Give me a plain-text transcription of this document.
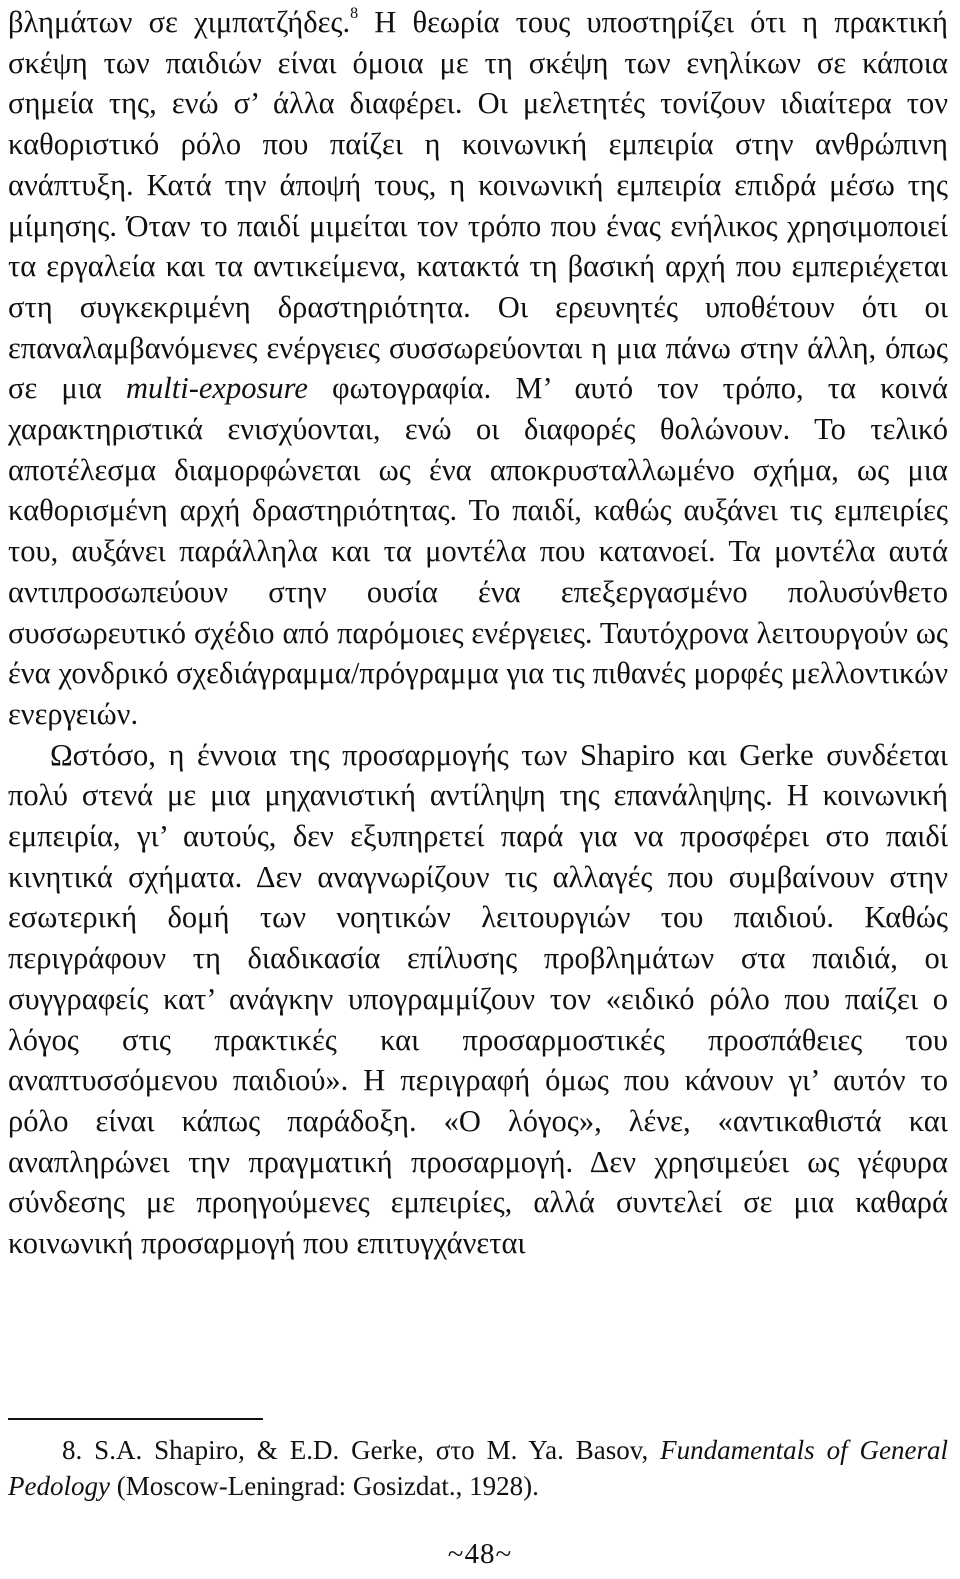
βλημάτων σε χιμπατζήδες.$^8$ Η θεωρία τους υποστηρίζει ότι η πρακτική σκέψη των παιδιών είναι όμοια με τη σκέψη των ενηλίκων σε κάποια σημεία της, ενώ σ’ άλλα διαφέρει. Οι μελετητές τονίζουν ιδιαίτερα τον καθοριστικό ρόλο που παίζει η κοινωνική εμπειρία στην ανθρώπινη ανάπτυξη. Κατά την άποψή τους, η κοινωνική εμπειρία επιδρά μέσω της μίμησης. Όταν το παιδί μιμείται τον τρόπο που ένας ενήλικος χρησιμοποιεί τα εργαλεία και τα αντικείμενα, κατακτά τη βασική αρχή που εμπεριέχεται στη συγκεκριμένη δραστηριότητα. Οι ερευνητές υποθέτουν ότι οι επαναλαμβανόμενες ενέργειες συσσωρεύονται η μια πάνω στην άλλη, όπως σε μια multi-exposure φωτογραφία. Μ’ αυτό τον τρόπο, τα κοινά χαρακτηριστικά ενισχύονται, ενώ οι διαφορές θολώνουν. Το τελικό αποτέλεσμα διαμορφώνεται ως ένα αποκρυσταλλωμένο σχήμα, ως μια καθορισμένη αρχή δραστηριότητας. Το παιδί, καθώς αυξάνει τις εμπειρίες του, αυξάνει παράλληλα και τα μοντέλα που κατανοεί. Τα μοντέλα αυτά αντιπροσωπεύουν στην ουσία ένα επεξεργασμένο πολυσύνθετο συσσωρευτικό σχέδιο από παρόμοιες ενέργειες. Ταυτόχρονα λειτουργούν ως ένα χονδρικό σχεδιάγραμμα/πρόγραμμα για τις πιθανές μορφές μελλοντικών ενεργειών.

Ωστόσο, η έννοια της προσαρμογής των Shapiro και Gerke συνδέεται πολύ στενά με μια μηχανιστική αντίληψη της επανάληψης. Η κοινωνική εμπειρία, γι’ αυτούς, δεν εξυπηρετεί παρά για να προσφέρει στο παιδί κινητικά σχήματα. Δεν αναγνωρίζουν τις αλλαγές που συμβαίνουν στην εσωτερική δομή των νοητικών λειτουργιών του παιδιού. Καθώς περιγράφουν τη διαδικασία επίλυσης προβλημάτων στα παιδιά, οι συγγραφείς κατ’ ανάγκην υπογραμμίζουν τον «ειδικό ρόλο που παίζει ο λόγος στις πρακτικές και προσαρμοστικές προσπάθειες του αναπτυσσόμενου παιδιού». Η περιγραφή όμως που κάνουν γι’ αυτόν το ρόλο είναι κάπως παράδοξη. «Ο λόγος», λένε, «αντικαθιστά και αναπληρώνει την πραγματική προσαρμογή. Δεν χρησιμεύει ως γέφυρα σύνδεσης με προηγούμενες εμπειρίες, αλλά συντελεί σε μια καθαρά κοινωνική προσαρμογή που επιτυγχάνεται

8. S.A. Shapiro, & E.D. Gerke, στο M. Ya. Basov, Fundamentals of General Pedology (Moscow-Leningrad: Gosizdat., 1928).

~48~
